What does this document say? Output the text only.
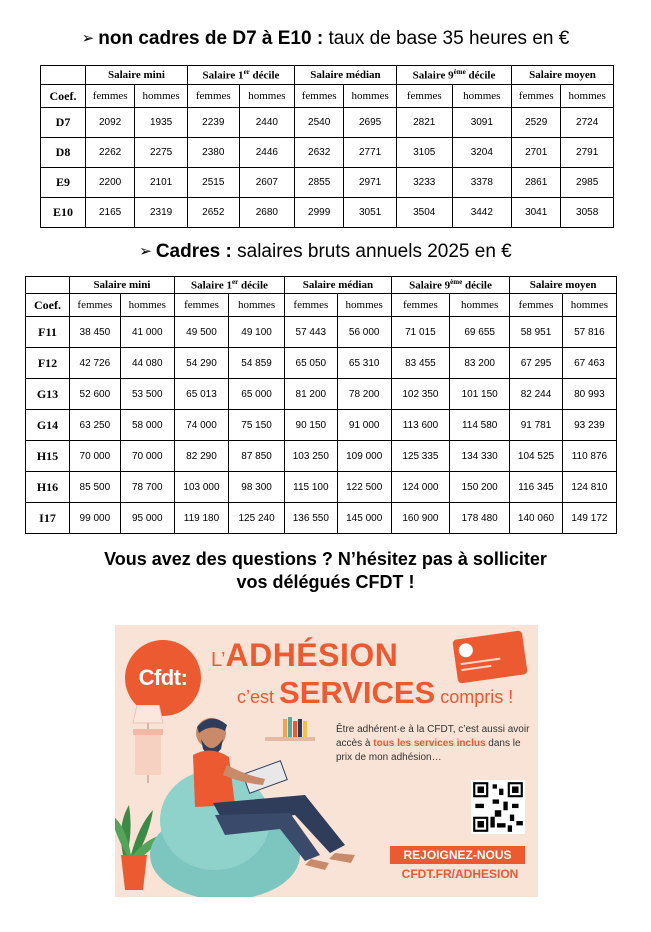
➢ non cadres de D7 à E10 : taux de base 35 heures en €
	Salaire mini		Salaire 1er décile		Salaire médian		Salaire 9ème décile		Salaire moyen	
Coef.	femmes	hommes	femmes	hommes	femmes	hommes	femmes	hommes	femmes	hommes
D7	2092	1935	2239	2440	2540	2695	2821	3091	2529	2724
D8	2262	2275	2380	2446	2632	2771	3105	3204	2701	2791
E9	2200	2101	2515	2607	2855	2971	3233	3378	2861	2985
E10	2165	2319	2652	2680	2999	3051	3504	3442	3041	3058
➢ Cadres : salaires bruts annuels 2025 en €
	Salaire mini		Salaire 1er décile		Salaire médian		Salaire 9ème décile		Salaire moyen	
Coef.	femmes	hommes	femmes	hommes	femmes	hommes	femmes	hommes	femmes	hommes
F11	38 450	41 000	49 500	49 100	57 443	56 000	71 015	69 655	58 951	57 816
F12	42 726	44 080	54 290	54 859	65 050	65 310	83 455	83 200	67 295	67 463
G13	52 600	53 500	65 013	65 000	81 200	78 200	102 350	101 150	82 244	80 993
G14	63 250	58 000	74 000	75 150	90 150	91 000	113 600	114 580	91 781	93 239
H15	70 000	70 000	82 290	87 850	103 250	109 000	125 335	134 330	104 525	110 876
H16	85 500	78 700	103 000	98 300	115 100	122 500	124 000	150 200	116 345	124 810
I17	99 000	95 000	119 180	125 240	136 550	145 000	160 900	178 480	140 060	149 172
Vous avez des questions ? N’hésitez pas à solliciter
vos délégués CFDT !
Cfdt:
L’ADHÉSION
c’est SERVICES compris !
Être adhérent·e à la CFDT, c’est aussi avoir accès à tous les services inclus dans le prix de mon adhésion…
REJOIGNEZ-NOUS
CFDT.FR/ADHESION
